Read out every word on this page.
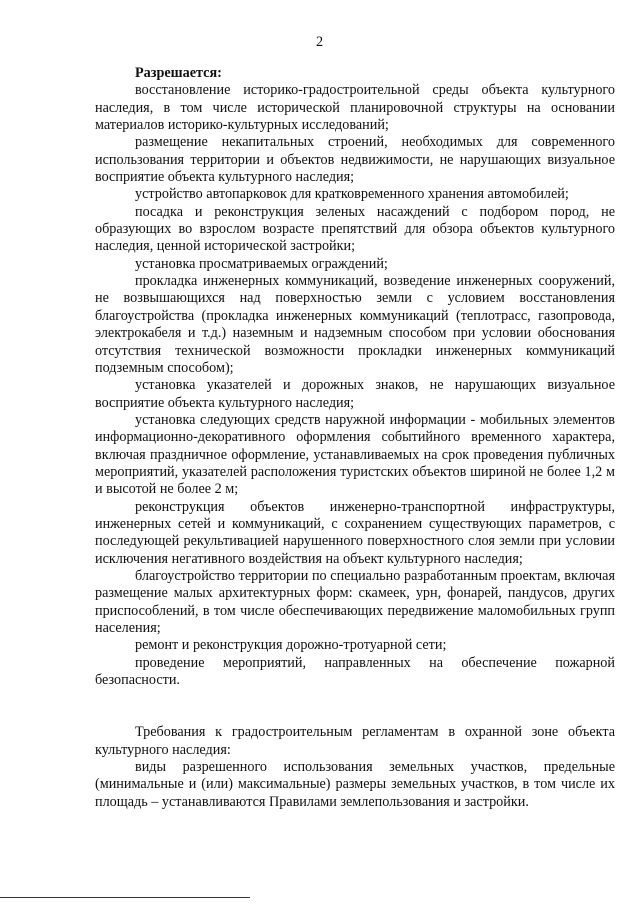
2

Разрешается:

восстановление историко-градостроительной среды объекта культурного наследия, в том числе исторической планировочной структуры на основании материалов историко-культурных исследований;

размещение некапитальных строений, необходимых для современного использования территории и объектов недвижимости, не нарушающих визуальное восприятие объекта культурного наследия;

устройство автопарковок для кратковременного хранения автомобилей;

посадка и реконструкция зеленых насаждений с подбором пород, не образующих во взрослом возрасте препятствий для обзора объектов культурного наследия, ценной исторической застройки;

установка просматриваемых ограждений;

прокладка инженерных коммуникаций, возведение инженерных сооружений, не возвышающихся над поверхностью земли с условием восстановления благоустройства (прокладка инженерных коммуникаций (теплотрасс, газопровода, электрокабеля и т.д.) наземным и надземным способом при условии обоснования отсутствия технической возможности прокладки инженерных коммуникаций подземным способом);

установка указателей и дорожных знаков, не нарушающих визуальное восприятие объекта культурного наследия;

установка следующих средств наружной информации - мобильных элементов информационно-декоративного оформления событийного временного характера, включая праздничное оформление, устанавливаемых на срок проведения публичных мероприятий, указателей расположения туристских объектов шириной не более 1,2 м и высотой не более 2 м;

реконструкция объектов инженерно-транспортной инфраструктуры, инженерных сетей и коммуникаций, с сохранением существующих параметров, с последующей рекультивацией нарушенного поверхностного слоя земли при условии исключения негативного воздействия на объект культурного наследия;

благоустройство территории по специально разработанным проектам, включая размещение малых архитектурных форм: скамеек, урн, фонарей, пандусов, других приспособлений, в том числе обеспечивающих передвижение маломобильных групп населения;

ремонт и реконструкция дорожно-тротуарной сети;

проведение мероприятий, направленных на обеспечение пожарной безопасности.

Требования к градостроительным регламентам в охранной зоне объекта культурного наследия:

виды разрешенного использования земельных участков, предельные (минимальные и (или) максимальные) размеры земельных участков, в том числе их площадь – устанавливаются Правилами землепользования и застройки.
